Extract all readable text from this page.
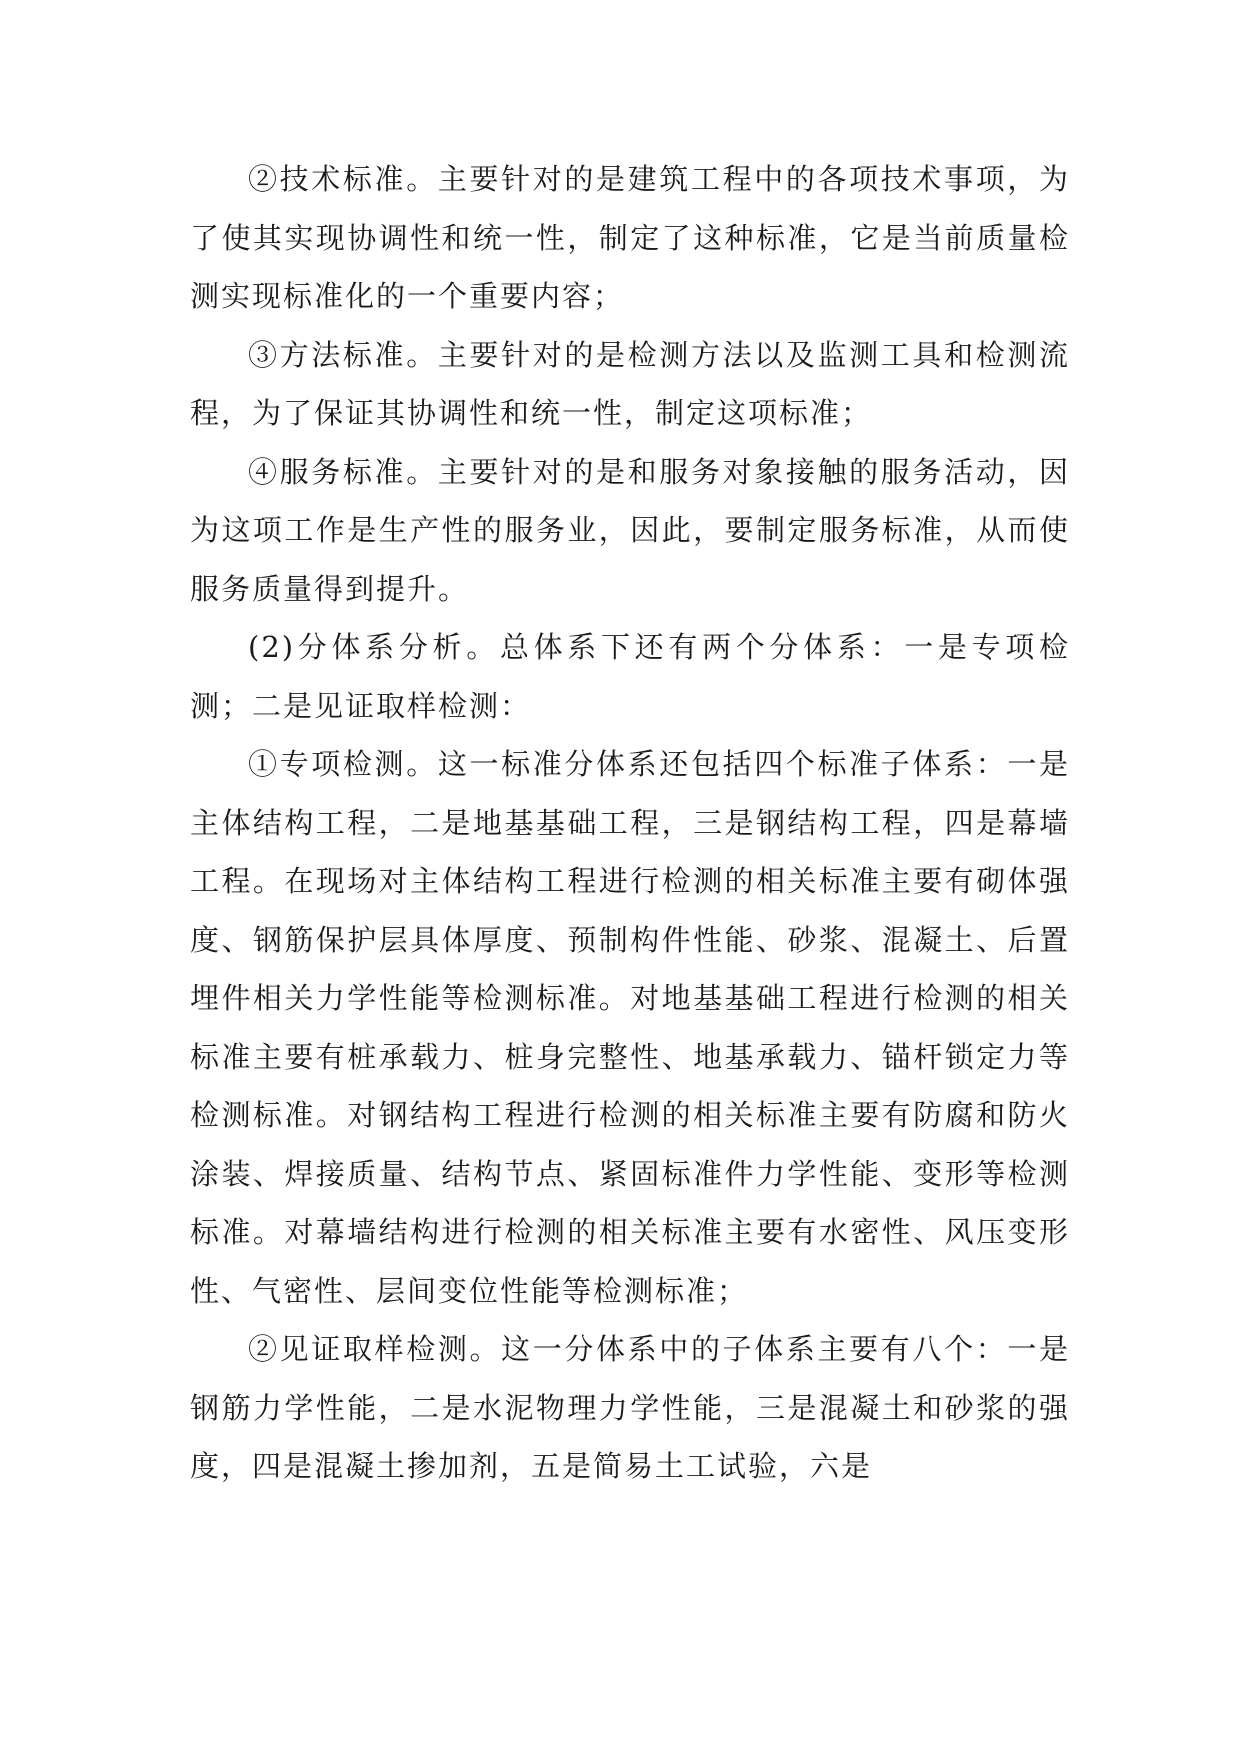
②技术标准。主要针对的是建筑工程中的各项技术事项，为了使其实现协调性和统一性，制定了这种标准，它是当前质量检测实现标准化的一个重要内容；

③方法标准。主要针对的是检测方法以及监测工具和检测流程，为了保证其协调性和统一性，制定这项标准；

④服务标准。主要针对的是和服务对象接触的服务活动，因为这项工作是生产性的服务业，因此，要制定服务标准，从而使服务质量得到提升。

(2)分体系分析。总体系下还有两个分体系：一是专项检测；二是见证取样检测：

①专项检测。这一标准分体系还包括四个标准子体系：一是主体结构工程，二是地基基础工程，三是钢结构工程，四是幕墙工程。在现场对主体结构工程进行检测的相关标准主要有砌体强度、钢筋保护层具体厚度、预制构件性能、砂浆、混凝土、后置埋件相关力学性能等检测标准。对地基基础工程进行检测的相关标准主要有桩承载力、桩身完整性、地基承载力、锚杆锁定力等检测标准。对钢结构工程进行检测的相关标准主要有防腐和防火涂装、焊接质量、结构节点、紧固标准件力学性能、变形等检测标准。对幕墙结构进行检测的相关标准主要有水密性、风压变形性、气密性、层间变位性能等检测标准；

②见证取样检测。这一分体系中的子体系主要有八个：一是钢筋力学性能，二是水泥物理力学性能，三是混凝土和砂浆的强度，四是混凝土掺加剂，五是简易土工试验，六是
